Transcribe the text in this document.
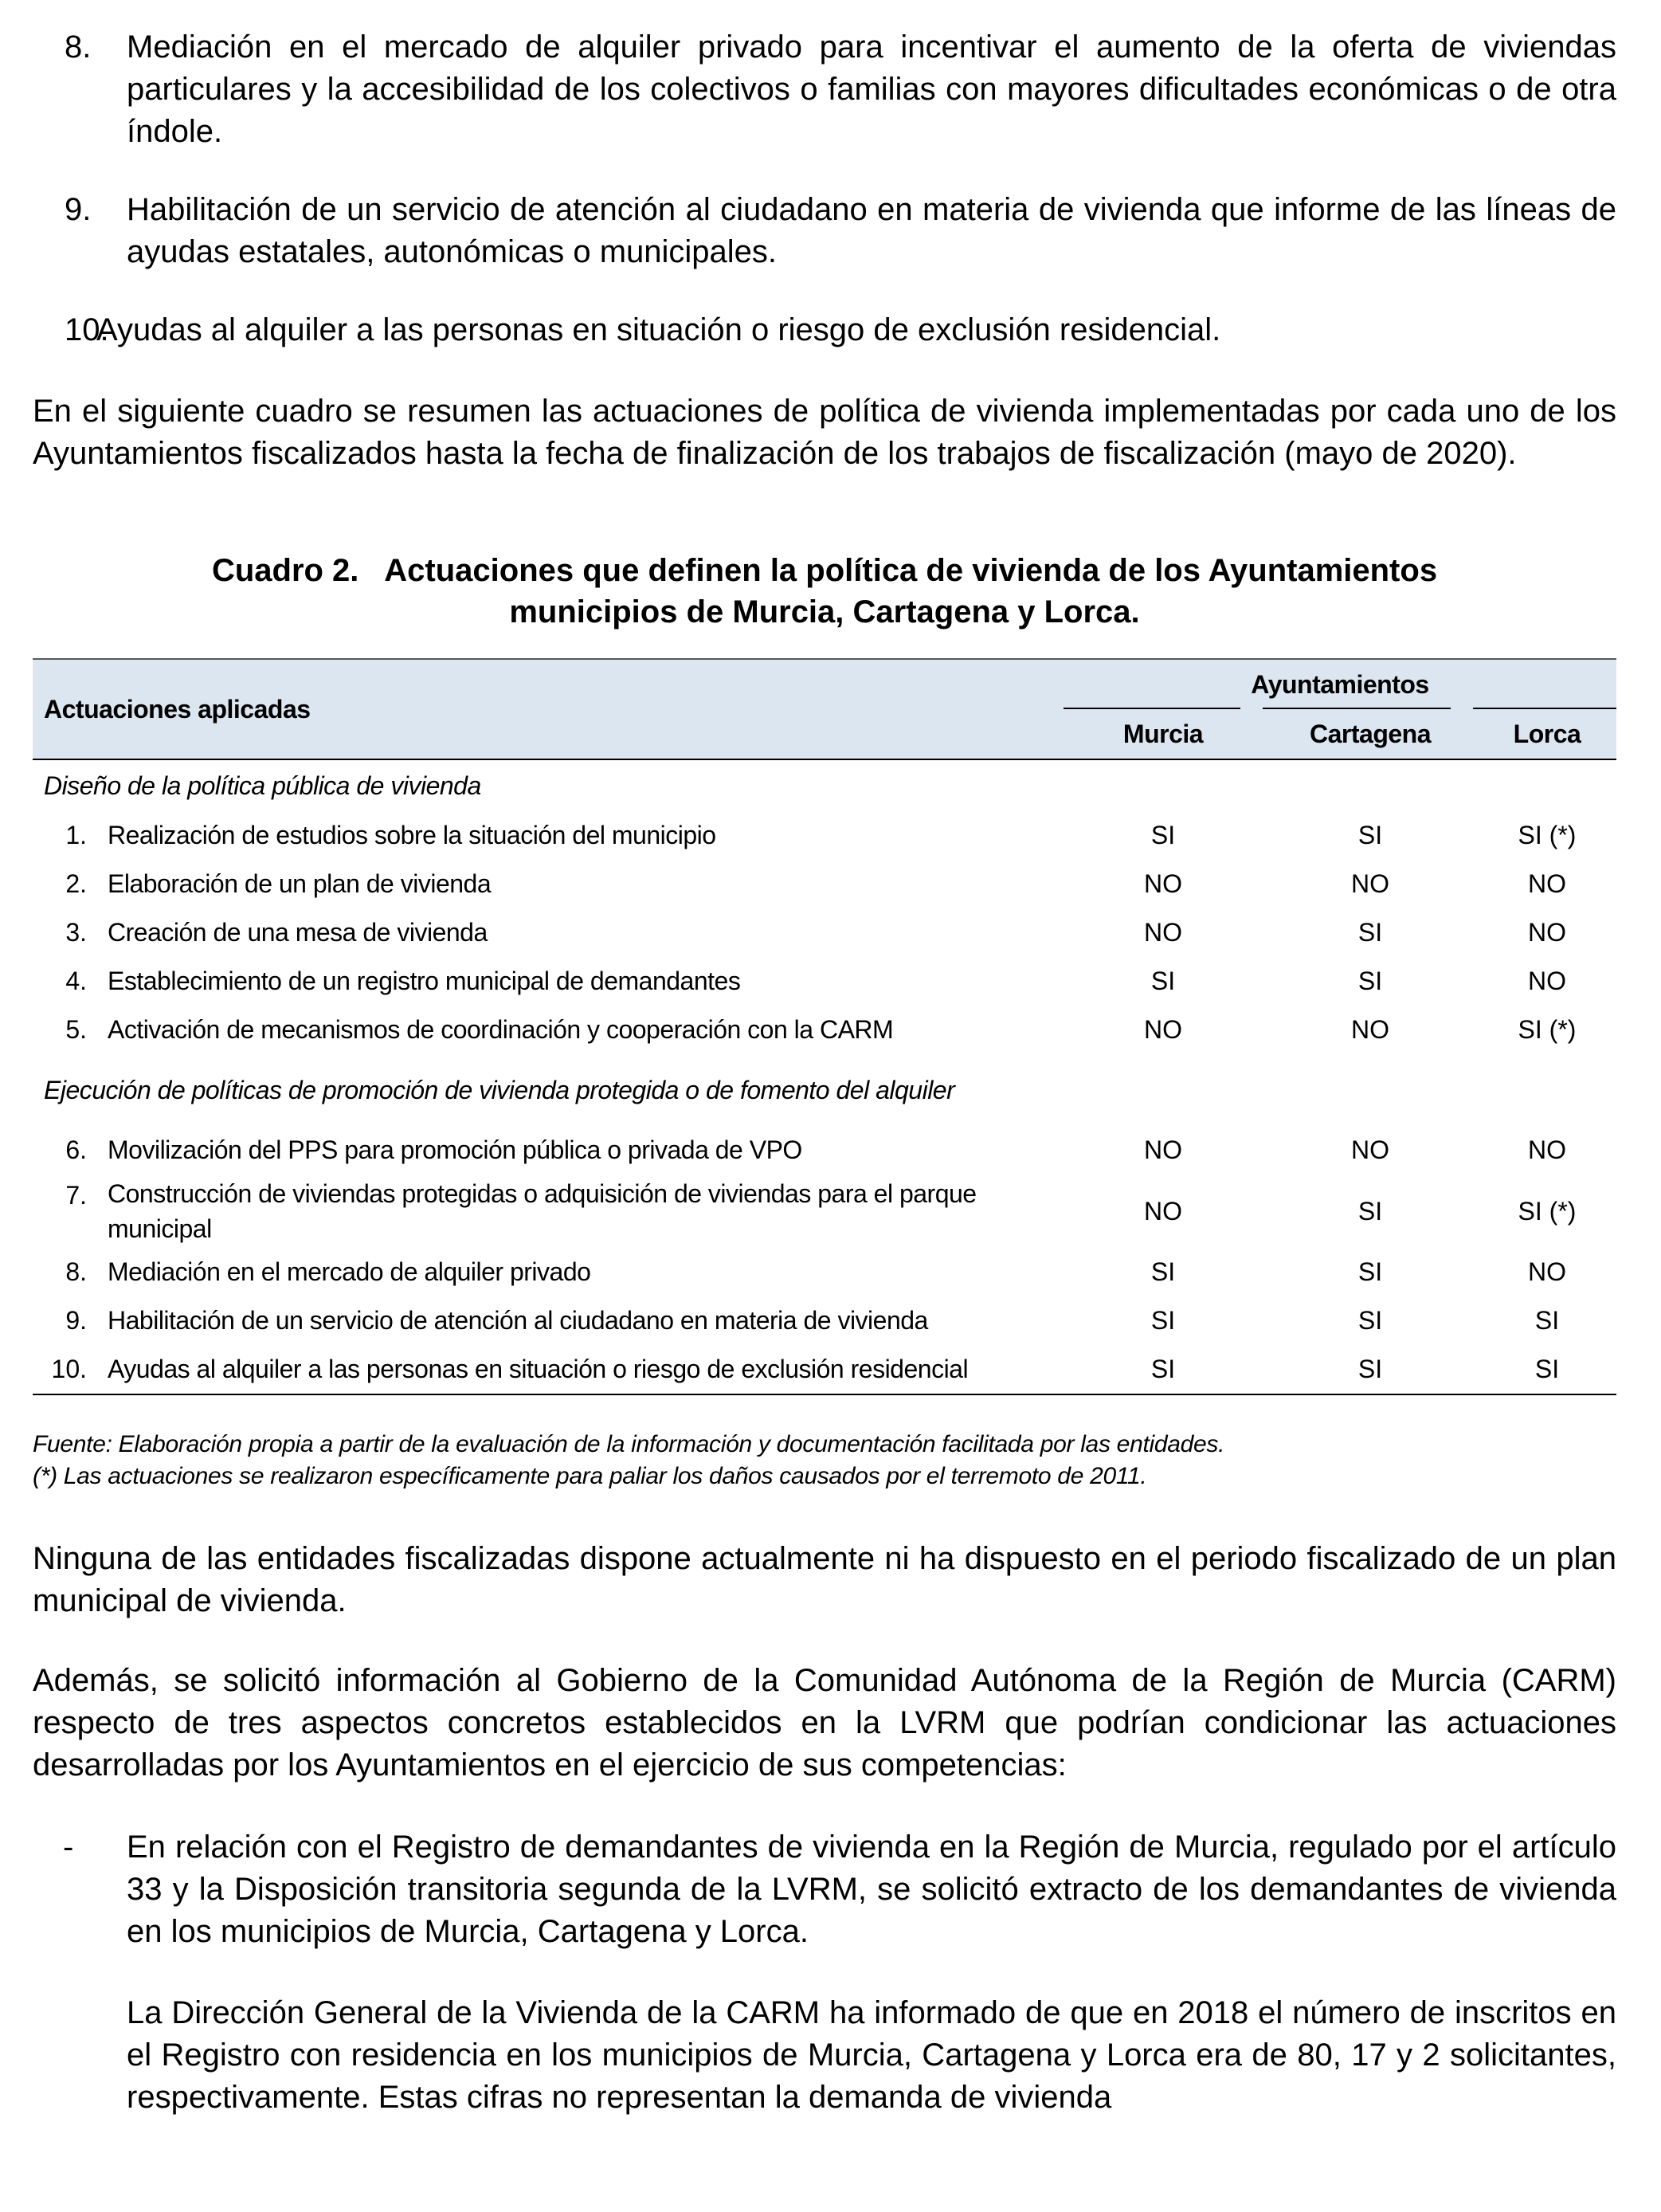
8. Mediación en el mercado de alquiler privado para incentivar el aumento de la oferta de viviendas particulares y la accesibilidad de los colectivos o familias con mayores dificultades económicas o de otra índole.

9. Habilitación de un servicio de atención al ciudadano en materia de vivienda que informe de las líneas de ayudas estatales, autonómicas o municipales.

10.
Ayudas al alquiler a las personas en situación o riesgo de exclusión residencial.

En el siguiente cuadro se resumen las actuaciones de política de vivienda implementadas por cada uno de los Ayuntamientos fiscalizados hasta la fecha de finalización de los trabajos de fiscalización (mayo de 2020).

Cuadro 2. Actuaciones que definen la política de vivienda de los Ayuntamientos

municipios de Murcia, Cartagena y Lorca.

Actuaciones aplicadas		Ayuntamientos		

		Murcia	Cartagena	Lorca
Diseño de la política pública de vivienda				
1.	Realización de estudios sobre la situación del municipio	SI	SI	SI (*)
2.	Elaboración de un plan de vivienda	NO	NO	NO
3.	Creación de una mesa de vivienda	NO	SI	NO
4.	Establecimiento de un registro municipal de demandantes	SI	SI	NO
5.	Activación de mecanismos de coordinación y cooperación con la CARM	NO	NO	SI (*)
Ejecución de políticas de promoción de vivienda protegida o de fomento del alquiler				
6.	Movilización del PPS para promoción pública o privada de VPO	NO	NO	NO
7.	Construcción de viviendas protegidas o adquisición de viviendas para el parque municipal	NO	SI	SI (*)
8.	Mediación en el mercado de alquiler privado	SI	SI	NO
9.	Habilitación de un servicio de atención al ciudadano en materia de vivienda	SI	SI	SI
10.	Ayudas al alquiler a las personas en situación o riesgo de exclusión residencial	SI	SI	SI

Fuente: Elaboración propia a partir de la evaluación de la información y documentación facilitada por las entidades.

(*) Las actuaciones se realizaron específicamente para paliar los daños causados por el terremoto de 2011.

Ninguna de las entidades fiscalizadas dispone actualmente ni ha dispuesto en el periodo fiscalizado de un plan municipal de vivienda.

Además, se solicitó información al Gobierno de la Comunidad Autónoma de la Región de Murcia (CARM) respecto de tres aspectos concretos establecidos en la LVRM que podrían condicionar las actuaciones desarrolladas por los Ayuntamientos en el ejercicio de sus competencias:

- En relación con el Registro de demandantes de vivienda en la Región de Murcia, regulado por el artículo 33 y la Disposición transitoria segunda de la LVRM, se solicitó extracto de los demandantes de vivienda en los municipios de Murcia, Cartagena y Lorca.

La Dirección General de la Vivienda de la CARM ha informado de que en 2018 el número de inscritos en el Registro con residencia en los municipios de Murcia, Cartagena y Lorca era de 80, 17 y 2 solicitantes, respectivamente. Estas cifras no representan la demanda de vivienda
